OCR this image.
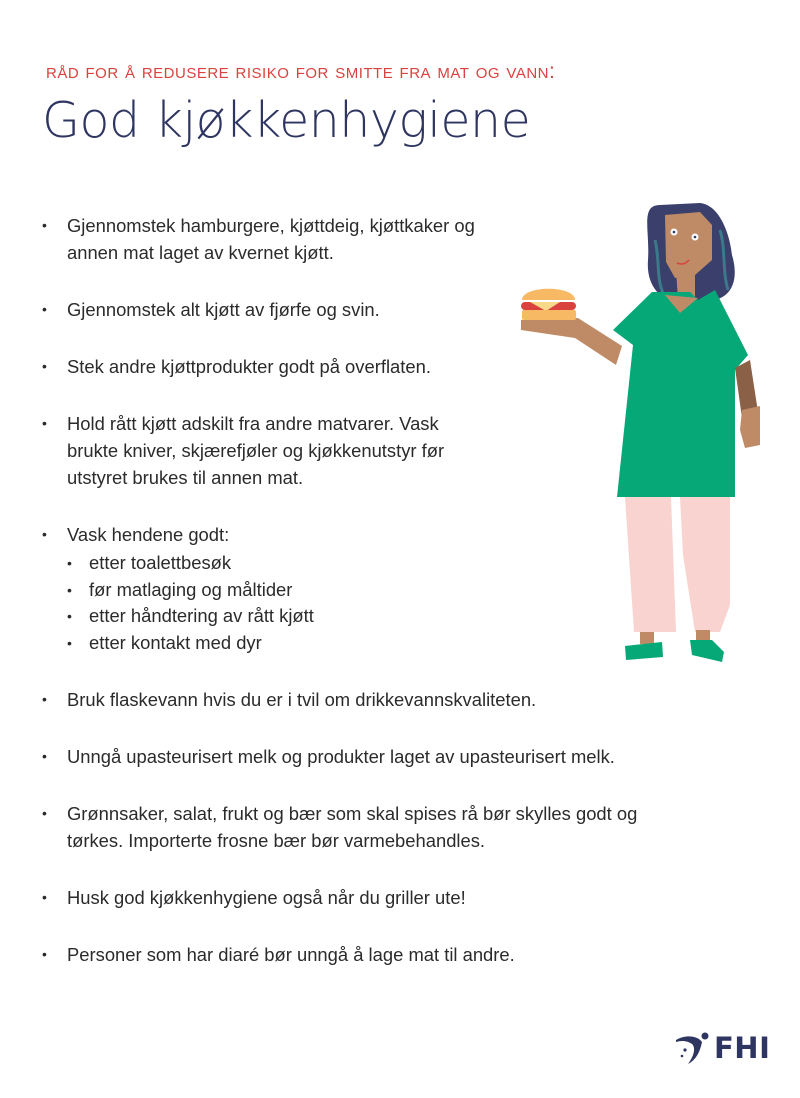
råd for å redusere risiko for smitte fra mat og vann:
God kjøkkenhygiene
• Gjennomstek hamburgere, kjøttdeig, kjøttkaker og
annen mat laget av kvernet kjøtt.
• Gjennomstek alt kjøtt av fjørfe og svin.
• Stek andre kjøttprodukter godt på overflaten.
• Hold rått kjøtt adskilt fra andre matvarer. Vask
brukte kniver, skjærefjøler og kjøkkenutstyr før
utstyret brukes til annen mat.
• Vask hendene godt:
• etter toalettbesøk
• før matlaging og måltider
• etter håndtering av rått kjøtt
• etter kontakt med dyr
• Bruk flaskevann hvis du er i tvil om drikkevannskvaliteten.
• Unngå upasteurisert melk og produkter laget av upasteurisert melk.
• Grønnsaker, salat, frukt og bær som skal spises rå bør skylles godt og
tørkes. Importerte frosne bær bør varmebehandles.
• Husk god kjøkkenhygiene også når du griller ute!
• Personer som har diaré bør unngå å lage mat til andre.
FHI
